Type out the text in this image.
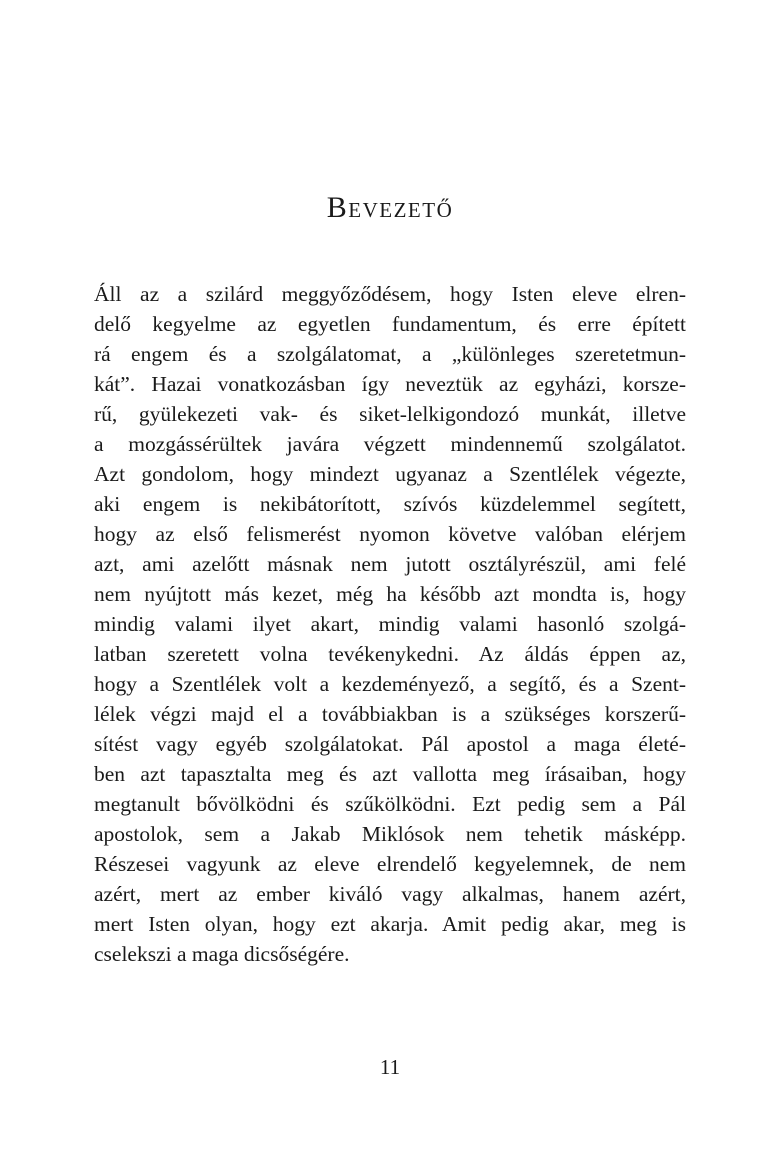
Bevezető
Áll az a szilárd meggyőződésem, hogy Isten eleve elren-
delő kegyelme az egyetlen fundamentum, és erre épített
rá engem és a szolgálatomat, a „különleges szeretetmun-
kát”. Hazai vonatkozásban így neveztük az egyházi, korsze-
rű, gyülekezeti vak- és siket-lelkigondozó munkát, illetve
a mozgássérültek javára végzett mindennemű szolgálatot.
Azt gondolom, hogy mindezt ugyanaz a Szentlélek végezte,
aki engem is nekibátorított, szívós küzdelemmel segített,
hogy az első felismerést nyomon követve valóban elérjem
azt, ami azelőtt másnak nem jutott osztályrészül, ami felé
nem nyújtott más kezet, még ha később azt mondta is, hogy
mindig valami ilyet akart, mindig valami hasonló szolgá-
latban szeretett volna tevékenykedni. Az áldás éppen az,
hogy a Szentlélek volt a kezdeményező, a segítő, és a Szent-
lélek végzi majd el a továbbiakban is a szükséges korszerű-
sítést vagy egyéb szolgálatokat. Pál apostol a maga életé-
ben azt tapasztalta meg és azt vallotta meg írásaiban, hogy
megtanult bővölködni és szűkölködni. Ezt pedig sem a Pál
apostolok, sem a Jakab Miklósok nem tehetik másképp.
Részesei vagyunk az eleve elrendelő kegyelemnek, de nem
azért, mert az ember kiváló vagy alkalmas, hanem azért,
mert Isten olyan, hogy ezt akarja. Amit pedig akar, meg is
cselekszi a maga dicsőségére.
11
